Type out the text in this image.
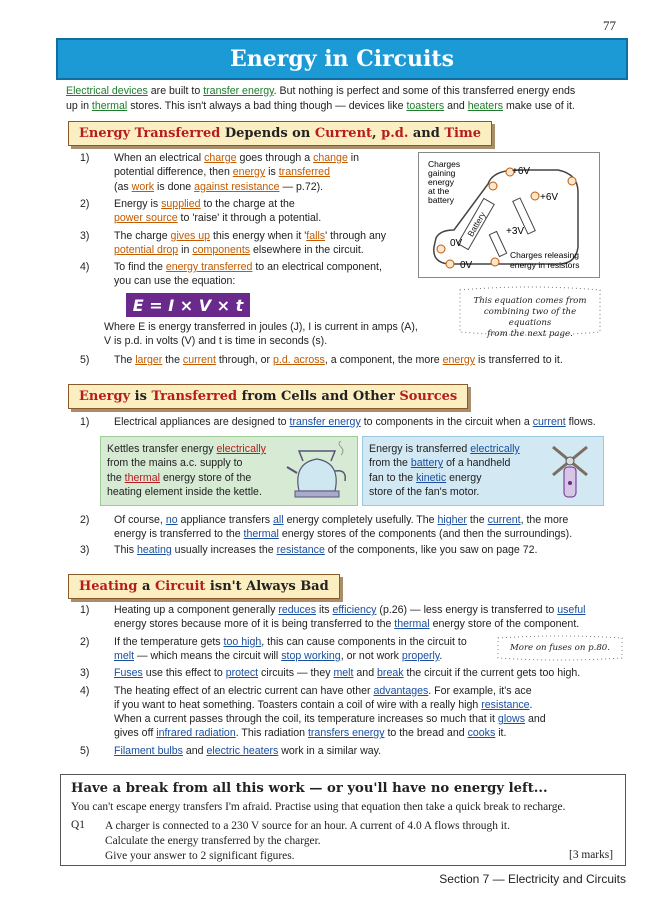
77
Energy in Circuits
Electrical devices are built to transfer energy. But nothing is perfect and some of this transferred energy ends
up in thermal stores. This isn't always a bad thing though — devices like toasters and heaters make use of it.
Energy Transferred Depends on Current, p.d. and Time
1) When an electrical charge goes through a change in
potential difference, then energy is transferred
(as work is done against resistance — p.72).
2) Energy is supplied to the charge at the
power source to 'raise' it through a potential.
3) The charge gives up this energy when it 'falls' through any
potential drop in components elsewhere in the circuit.
4) To find the energy transferred to an electrical component,
you can use the equation:
E = I × V × t
Where E is energy transferred in joules (J), I is current in amps (A),
V is p.d. in volts (V) and t is time in seconds (s).
5) The larger the current through, or p.d. across, a component, the more energy is transferred to it.
This equation comes from
combining two of the equations
from the next page.
Battery
Charges gaining energy at the battery
+6V
+6V
+3V
0V
0V
Charges releasing energy in resistors
Energy is Transferred from Cells and Other Sources
1) Electrical appliances are designed to transfer energy to components in the circuit when a current flows.
Kettles transfer energy electrically
from the mains a.c. supply to
the thermal energy store of the
heating element inside the kettle.
Energy is transferred electrically
from the battery of a handheld
fan to the kinetic energy
store of the fan's motor.
2) Of course, no appliance transfers all energy completely usefully. The higher the current, the more
energy is transferred to the thermal energy stores of the components (and then the surroundings).
3) This heating usually increases the resistance of the components, like you saw on page 72.
Heating a Circuit isn't Always Bad
1) Heating up a component generally reduces its efficiency (p.26) — less energy is transferred to useful
energy stores because more of it is being transferred to the thermal energy store of the component.
2) If the temperature gets too high, this can cause components in the circuit to
melt — which means the circuit will stop working, or not work properly.
3) Fuses use this effect to protect circuits — they melt and break the circuit if the current gets too high.
4) The heating effect of an electric current can have other advantages. For example, it's ace
if you want to heat something. Toasters contain a coil of wire with a really high resistance.
When a current passes through the coil, its temperature increases so much that it glows and
gives off infrared radiation. This radiation transfers energy to the bread and cooks it.
5) Filament bulbs and electric heaters work in a similar way.
More on fuses on p.80.
Have a break from all this work — or you'll have no energy left...
You can't escape energy transfers I'm afraid. Practise using that equation then take a quick break to recharge.
Q1 A charger is connected to a 230 V source for an hour. A current of 4.0 A flows through it.
Calculate the energy transferred by the charger.
Give your answer to 2 significant figures.	[3 marks]
Section 7 — Electricity and Circuits
